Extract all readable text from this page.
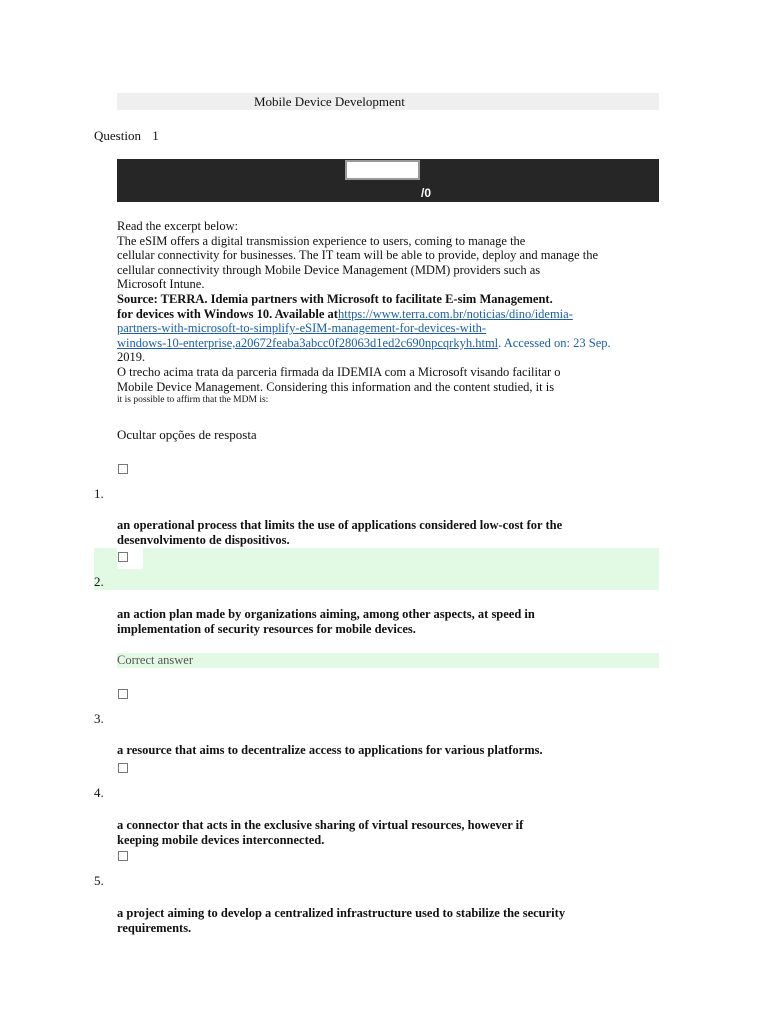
Mobile Device Development
Question 1
/0
Read the excerpt below:
The eSIM offers a digital transmission experience to users, coming to manage the
cellular connectivity for businesses. The IT team will be able to provide, deploy and manage the
cellular connectivity through Mobile Device Management (MDM) providers such as
Microsoft Intune.
Source: TERRA. Idemia partners with Microsoft to facilitate E-sim Management.
for devices with Windows 10. Available athttps://www.terra.com.br/noticias/dino/idemia-
partners-with-microsoft-to-simplify-eSIM-management-for-devices-with-
windows-10-enterprise,a20672feaba3abcc0f28063d1ed2c690npcqrkyh.html. Accessed on: 23 Sep.
2019.
O trecho acima trata da parceria firmada da IDEMIA com a Microsoft visando facilitar o
Mobile Device Management. Considering this information and the content studied, it is
it is possible to affirm that the MDM is:
Ocultar opções de resposta
1.
an operational process that limits the use of applications considered low-cost for the desenvolvimento de dispositivos.
2.
an action plan made by organizations aiming, among other aspects, at speed in implementation of security resources for mobile devices.
Correct answer
3.
a resource that aims to decentralize access to applications for various platforms.
4.
a connector that acts in the exclusive sharing of virtual resources, however if keeping mobile devices interconnected.
5.
a project aiming to develop a centralized infrastructure used to stabilize the security requirements.
